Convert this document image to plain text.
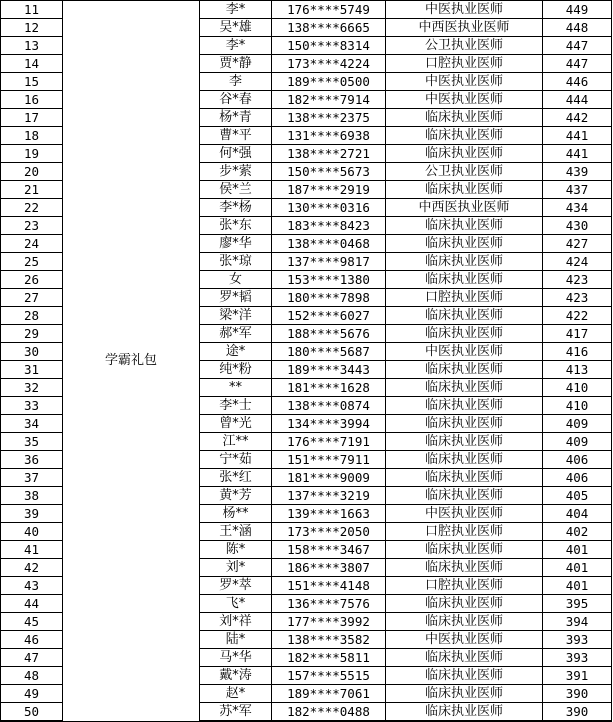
11	学霸礼包	李*	176****5749	中医执业医师	449
12		吴*雄	138****6665	中西医执业医师	448
13		李*	150****8314	公卫执业医师	447
14		贾*静	173****4224	口腔执业医师	447
15		李	189****0500	中医执业医师	446
16		谷*春	182****7914	中医执业医师	444
17		杨*青	138****2375	临床执业医师	442
18		曹*平	131****6938	临床执业医师	441
19		何*强	138****2721	临床执业医师	441
20		步*萦	150****5673	公卫执业医师	439
21		侯*兰	187****2919	临床执业医师	437
22		李*杨	130****0316	中西医执业医师	434
23		张*东	183****8423	临床执业医师	430
24		廖*华	138****0468	临床执业医师	427
25		张*琼	137****9817	临床执业医师	424
26		女	153****1380	临床执业医师	423
27		罗*韬	180****7898	口腔执业医师	423
28		梁*洋	152****6027	临床执业医师	422
29		郝*军	188****5676	临床执业医师	417
30		途*	180****5687	中医执业医师	416
31		纯*粉	189****3443	临床执业医师	413
32		**	181****1628	临床执业医师	410
33		李*士	138****0874	临床执业医师	410
34		曾*光	134****3994	临床执业医师	409
35		江**	176****7191	临床执业医师	409
36		宁*茹	151****7911	临床执业医师	406
37		张*红	181****9009	临床执业医师	406
38		黄*芳	137****3219	临床执业医师	405
39		杨**	139****1663	中医执业医师	404
40		王*涵	173****2050	口腔执业医师	402
41		陈*	158****3467	临床执业医师	401
42		刘*	186****3807	临床执业医师	401
43		罗*萃	151****4148	口腔执业医师	401
44		飞*	136****7576	临床执业医师	395
45		刘*祥	177****3992	临床执业医师	394
46		陆*	138****3582	中医执业医师	393
47		马*华	182****5811	临床执业医师	393
48		戴*涛	157****5515	临床执业医师	391
49		赵*	189****7061	临床执业医师	390
50		苏*军	182****0488	临床执业医师	390
